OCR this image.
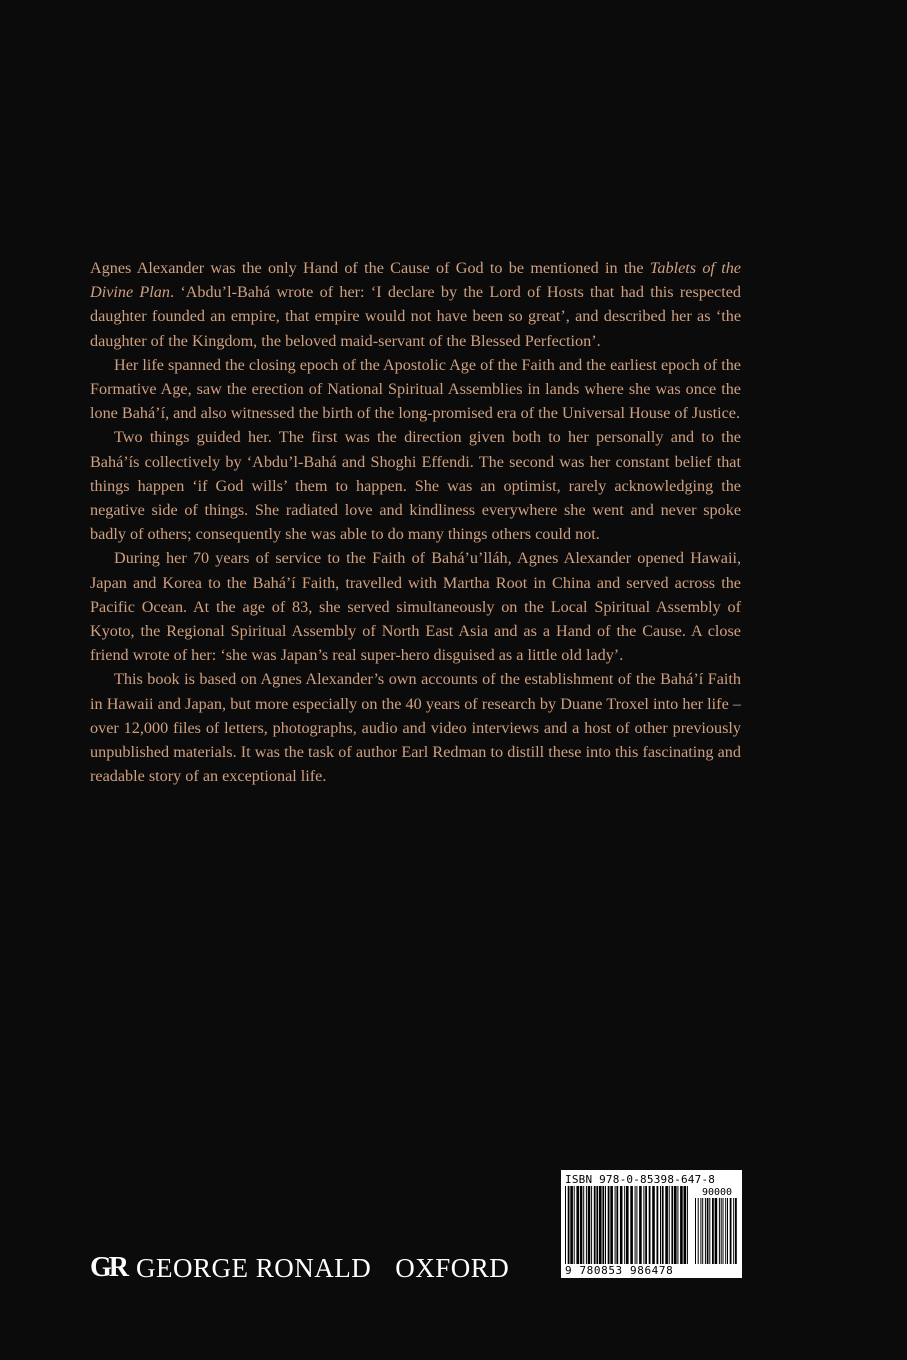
Agnes Alexander was the only Hand of the Cause of God to be mentioned in the Tablets of the Divine Plan. ‘Abdu’l-Bahá wrote of her: ‘I declare by the Lord of Hosts that had this respected daughter founded an empire, that empire would not have been so great’, and described her as ‘the daughter of the Kingdom, the beloved maid-servant of the Blessed Perfection’.

Her life spanned the closing epoch of the Apostolic Age of the Faith and the earliest epoch of the Formative Age, saw the erection of National Spiritual Assemblies in lands where she was once the lone Bahá’í, and also witnessed the birth of the long-promised era of the Universal House of Justice.

Two things guided her. The first was the direction given both to her personally and to the Bahá’ís collectively by ‘Abdu’l-Bahá and Shoghi Effendi. The second was her constant belief that things happen ‘if God wills’ them to happen. She was an optimist, rarely acknowledging the negative side of things. She radiated love and kindliness everywhere she went and never spoke badly of others; consequently she was able to do many things others could not.

During her 70 years of service to the Faith of Bahá’u’lláh, Agnes Alexander opened Hawaii, Japan and Korea to the Bahá’í Faith, travelled with Martha Root in China and served across the Pacific Ocean. At the age of 83, she served simultaneously on the Local Spiritual Assembly of Kyoto, the Regional Spiritual Assembly of North East Asia and as a Hand of the Cause. A close friend wrote of her: ‘she was Japan’s real super-hero disguised as a little old lady’.

This book is based on Agnes Alexander’s own accounts of the establishment of the Bahá’í Faith in Hawaii and Japan, but more especially on the 40 years of research by Duane Troxel into her life – over 12,000 files of letters, photographs, audio and video interviews and a host of other previously unpublished materials. It was the task of author Earl Redman to distill these into this fascinating and readable story of an exceptional life.

GR GEORGE RONALD OXFORD
ISBN 978-0-85398-647-8
90000
9 780853 986478
